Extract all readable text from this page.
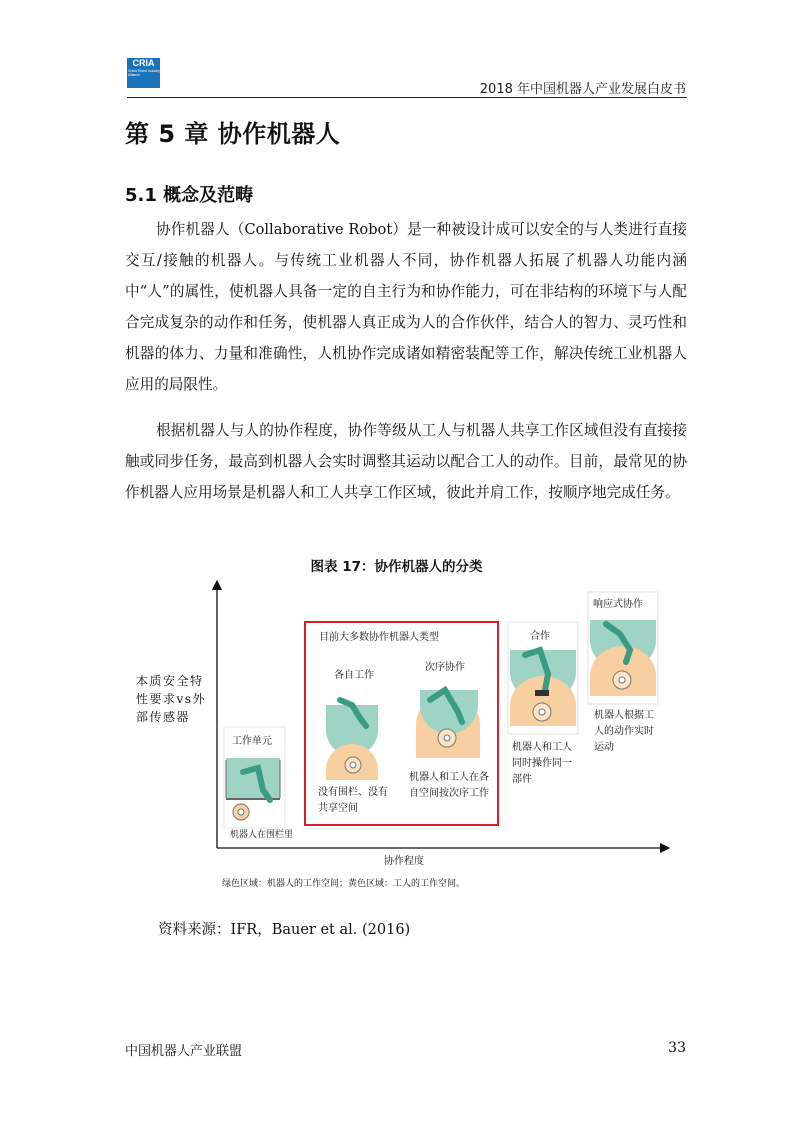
CRIA
China Robot Industry Alliance
2018 年中国机器人产业发展白皮书
第 5 章 协作机器人
5.1 概念及范畴
协作机器人（Collaborative Robot）是一种被设计成可以安全的与人类进行直接交互/接触的机器人。与传统工业机器人不同，协作机器人拓展了机器人功能内涵中“人”的属性，使机器人具备一定的自主行为和协作能力，可在非结构的环境下与人配合完成复杂的动作和任务，使机器人真正成为人的合作伙伴，结合人的智力、灵巧性和机器的体力、力量和准确性，人机协作完成诸如精密装配等工作，解决传统工业机器人应用的局限性。
根据机器人与人的协作程度，协作等级从工人与机器人共享工作区域但没有直接接触或同步任务，最高到机器人会实时调整其运动以配合工人的动作。目前，最常见的协作机器人应用场景是机器人和工人共享工作区域，彼此并肩工作，按顺序地完成任务。
图表 17：协作机器人的分类
本质安全特性要求vs外部传感器
协作程度
目前大多数协作机器人类型
工作单元
机器人在围栏里
各自工作
没有围栏、没有共享空间
次序协作
机器人和工人在各自空间按次序工作
合作
机器人和工人同时操作同一部件
响应式协作
机器人根据工人的动作实时运动
绿色区域：机器人的工作空间；黄色区域：工人的工作空间。
资料来源：IFR，Bauer et al. (2016)
中国机器人产业联盟	33
